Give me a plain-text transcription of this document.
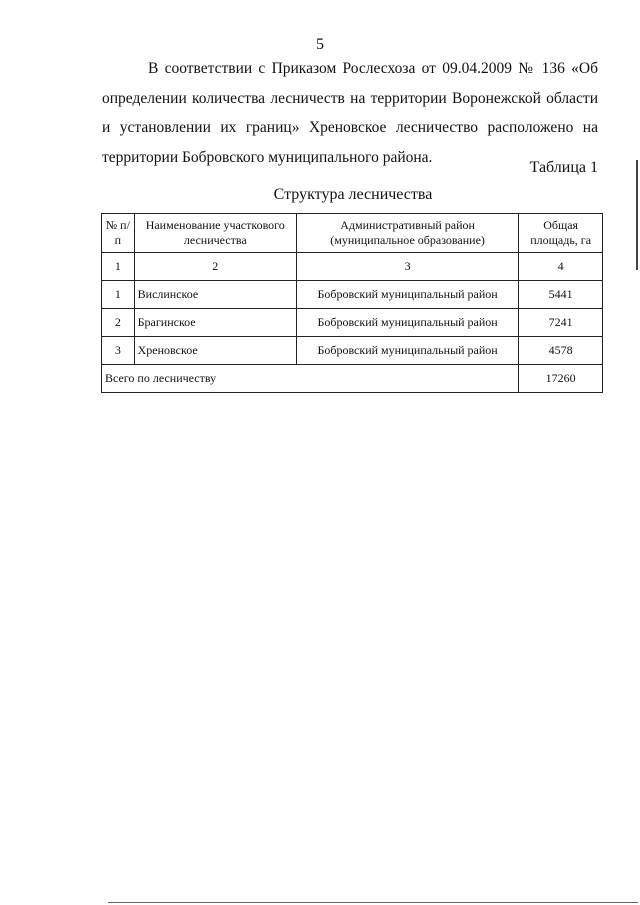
5

В соответствии с Приказом Рослесхоза от 09.04.2009 № 136 «Об определении количества лесничеств на территории Воронежской области и установлении их границ» Хреновское лесничество расположено на территории Бобровского муниципального района.

Таблица 1
Структура лесничества
№ п/п	Наименование участкового лесничества	Административный район (муниципальное образование)	Общая площадь, га
1	2	3	4
1	Вислинское	Бобровский муниципальный район	5441
2	Брагинское	Бобровский муниципальный район	7241
3	Хреновское	Бобровский муниципальный район	4578
Всего по лесничеству			17260
